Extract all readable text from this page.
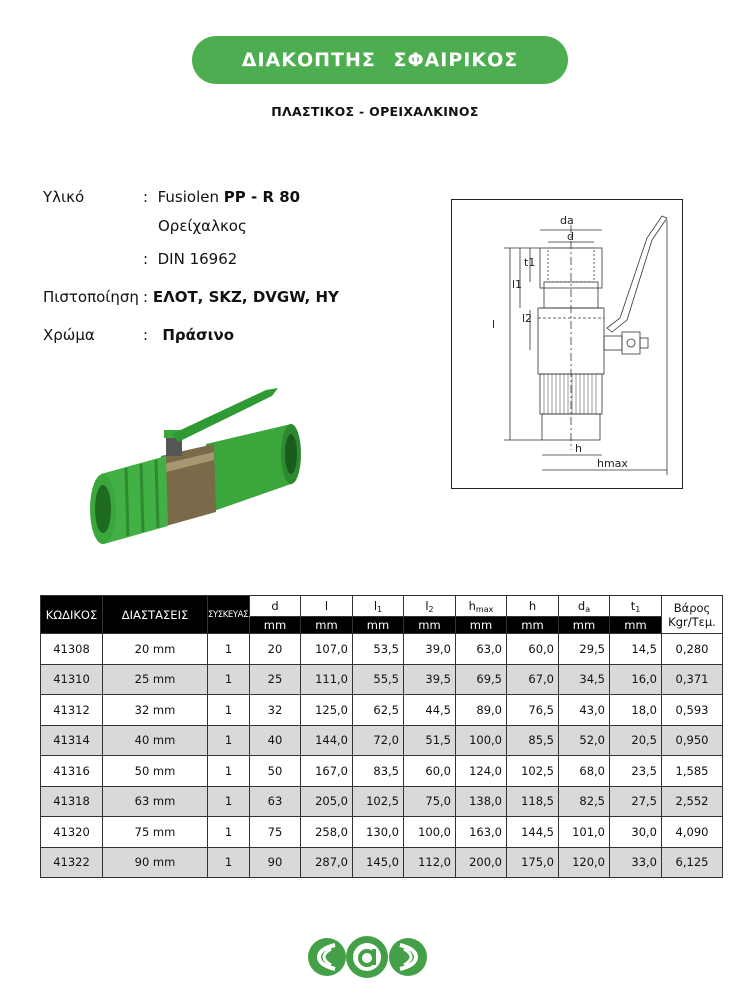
ΔΙΑΚΟΠΤΗΣ ΣΦΑΙΡΙΚΟΣ
ΠΛΑΣΤΙΚΟΣ - ΟΡΕΙΧΑΛΚΙΝΟΣ
Υλικό	: Fusiolen PP - R 80
Ορείχαλκος
: DIN 16962
Πιστοποίηση : ΕΛΟΤ, SKZ, DVGW, HY
Χρώμα	: Πράσινο
da
d
t1
l1
l2
l
h
hmax
ΚΩΔΙΚΟΣ	ΔΙΑΣΤΑΣΕΙΣ	ΣΥΣΚΕΥΑΣ.	d	l	$l_1$	$l_2$	$h_{max}$	h	$d_a$	$t_1$	Βάρος
Kgr/Τεμ.
			mm	mm	mm	mm	mm	mm	mm	mm	
41308	20 mm	1	20	107,0	53,5	39,0	63,0	60,0	29,5	14,5	0,280
41310	25 mm	1	25	111,0	55,5	39,5	69,5	67,0	34,5	16,0	0,371
41312	32 mm	1	32	125,0	62,5	44,5	89,0	76,5	43,0	18,0	0,593
41314	40 mm	1	40	144,0	72,0	51,5	100,0	85,5	52,0	20,5	0,950
41316	50 mm	1	50	167,0	83,5	60,0	124,0	102,5	68,0	23,5	1,585
41318	63 mm	1	63	205,0	102,5	75,0	138,0	118,5	82,5	27,5	2,552
41320	75 mm	1	75	258,0	130,0	100,0	163,0	144,5	101,0	30,0	4,090
41322	90 mm	1	90	287,0	145,0	112,0	200,0	175,0	120,0	33,0	6,125
